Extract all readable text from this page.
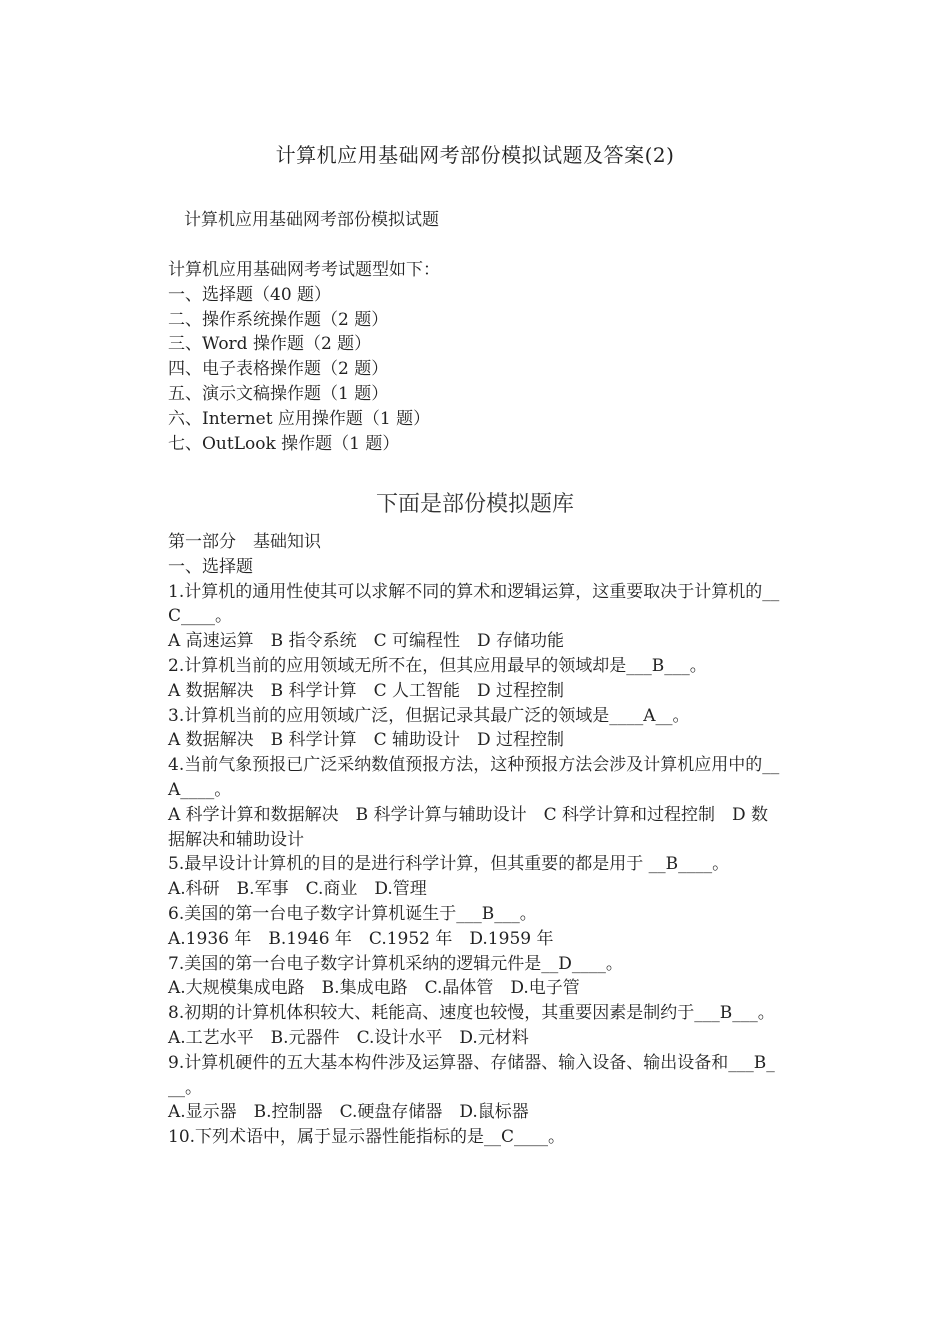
计算机应用基础网考部份模拟试题及答案(2)
计算机应用基础网考部份模拟试题
计算机应用基础网考考试题型如下：
一、选择题（40 题）
二、操作系统操作题（2 题）
三、Word 操作题（2 题）
四、电子表格操作题（2 题）
五、演示文稿操作题（1 题）
六、Internet 应用操作题（1 题）
七、OutLook 操作题（1 题）
下面是部份模拟题库
第一部分　基础知识
一、选择题
1.计算机的通用性使其可以求解不同的算术和逻辑运算，这重要取决于计算机的__C____。
A 高速运算　B 指令系统　C 可编程性　D 存储功能
2.计算机当前的应用领域无所不在，但其应用最早的领域却是___B___。
A 数据解决　B 科学计算　C 人工智能　D 过程控制
3.计算机当前的应用领域广泛，但据记录其最广泛的领域是____A__。
A 数据解决　B 科学计算　C 辅助设计　D 过程控制
4.当前气象预报已广泛采纳数值预报方法，这种预报方法会涉及计算机应用中的__A____。
A 科学计算和数据解决　B 科学计算与辅助设计　C 科学计算和过程控制　D 数据解决和辅助设计
5.最早设计计算机的目的是进行科学计算，但其重要的都是用于 __B____。
A.科研　B.军事　C.商业　D.管理
6.美国的第一台电子数字计算机诞生于___B___。
A.1936 年　B.1946 年　C.1952 年　D.1959 年
7.美国的第一台电子数字计算机采纳的逻辑元件是__D____。
A.大规模集成电路　B.集成电路　C.晶体管　D.电子管
8.初期的计算机体积较大、耗能高、速度也较慢，其重要因素是制约于___B___。
A.工艺水平　B.元器件　C.设计水平　D.元材料
9.计算机硬件的五大基本构件涉及运算器、存储器、输入设备、输出设备和___B___。
A.显示器　B.控制器　C.硬盘存储器　D.鼠标器
10.下列术语中，属于显示器性能指标的是__C____。
